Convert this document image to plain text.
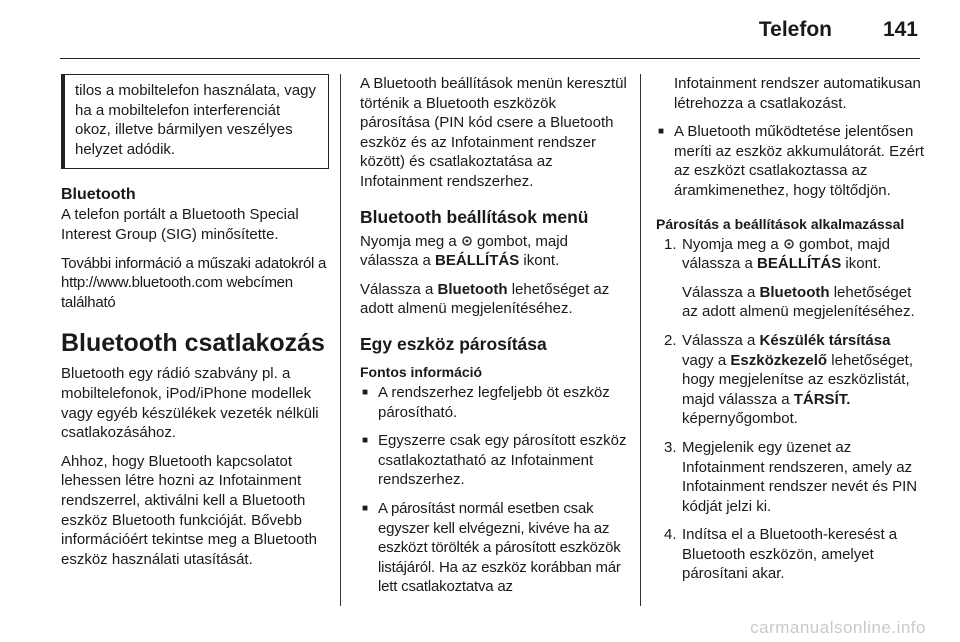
Telefon 141
tilos a mobiltelefon használata, vagy ha a mobiltelefon interferenciát okoz, illetve bármilyen veszélyes helyzet adódik.
Bluetooth

A telefon portált a Bluetooth Special Interest Group (SIG) minősítette.

További információ a műszaki adatokról a http://www.bluetooth.com webcímen található

Bluetooth csatlakozás

Bluetooth egy rádió szabvány pl. a mobiltelefonok, iPod/iPhone modellek vagy egyéb készülékek vezeték nélküli csatlakozásához.

Ahhoz, hogy Bluetooth kapcsolatot lehessen létre hozni az Infotainment rendszerrel, aktiválni kell a Bluetooth eszköz Bluetooth funkcióját. Bővebb információért tekintse meg a Bluetooth eszköz használati utasítását.

A Bluetooth beállítások menün keresztül történik a Bluetooth eszközök párosítása (PIN kód csere a Bluetooth eszköz és az Infotainment rendszer között) és csatlakoztatása az Infotainment rendszerhez.

Bluetooth beállítások menü

Nyomja meg a gombot, majd válassza a BEÁLLÍTÁS ikont.

Válassza a Bluetooth lehetőséget az adott almenü megjelenítéséhez.

Egy eszköz párosítása
Fontos információ
■ A rendszerhez legfeljebb öt eszköz párosítható.
■ Egyszerre csak egy párosított eszköz csatlakoztatható az Infotainment rendszerhez.
■ A párosítást normál esetben csak egyszer kell elvégezni, kivéve ha az eszközt törölték a párosított eszközök listájáról. Ha az eszköz korábban már lett csatlakoztatva az

Infotainment rendszer automatikusan létrehozza a csatlakozást.

■ A Bluetooth működtetése jelentősen meríti az eszköz akkumulátorát. Ezért az eszközt csatlakoztassa az áramkimenethez, hogy töltődjön.
Párosítás a beállítások alkalmazással
1. Nyomja meg a gombot, majd válassza a BEÁLLÍTÁS ikont.
Válassza a Bluetooth lehetőséget az adott almenü megjelenítéséhez.
2. Válassza a Készülék társítása vagy a Eszközkezelő lehetőséget, hogy megjelenítse az eszközlistát, majd válassza a TÁRSÍT. képernyőgombot.
3. Megjelenik egy üzenet az Infotainment rendszeren, amely az Infotainment rendszer nevét és PIN kódját jelzi ki.
4. Indítsa el a Bluetooth-keresést a Bluetooth eszközön, amelyet párosítani akar.
carmanualsonline.info
